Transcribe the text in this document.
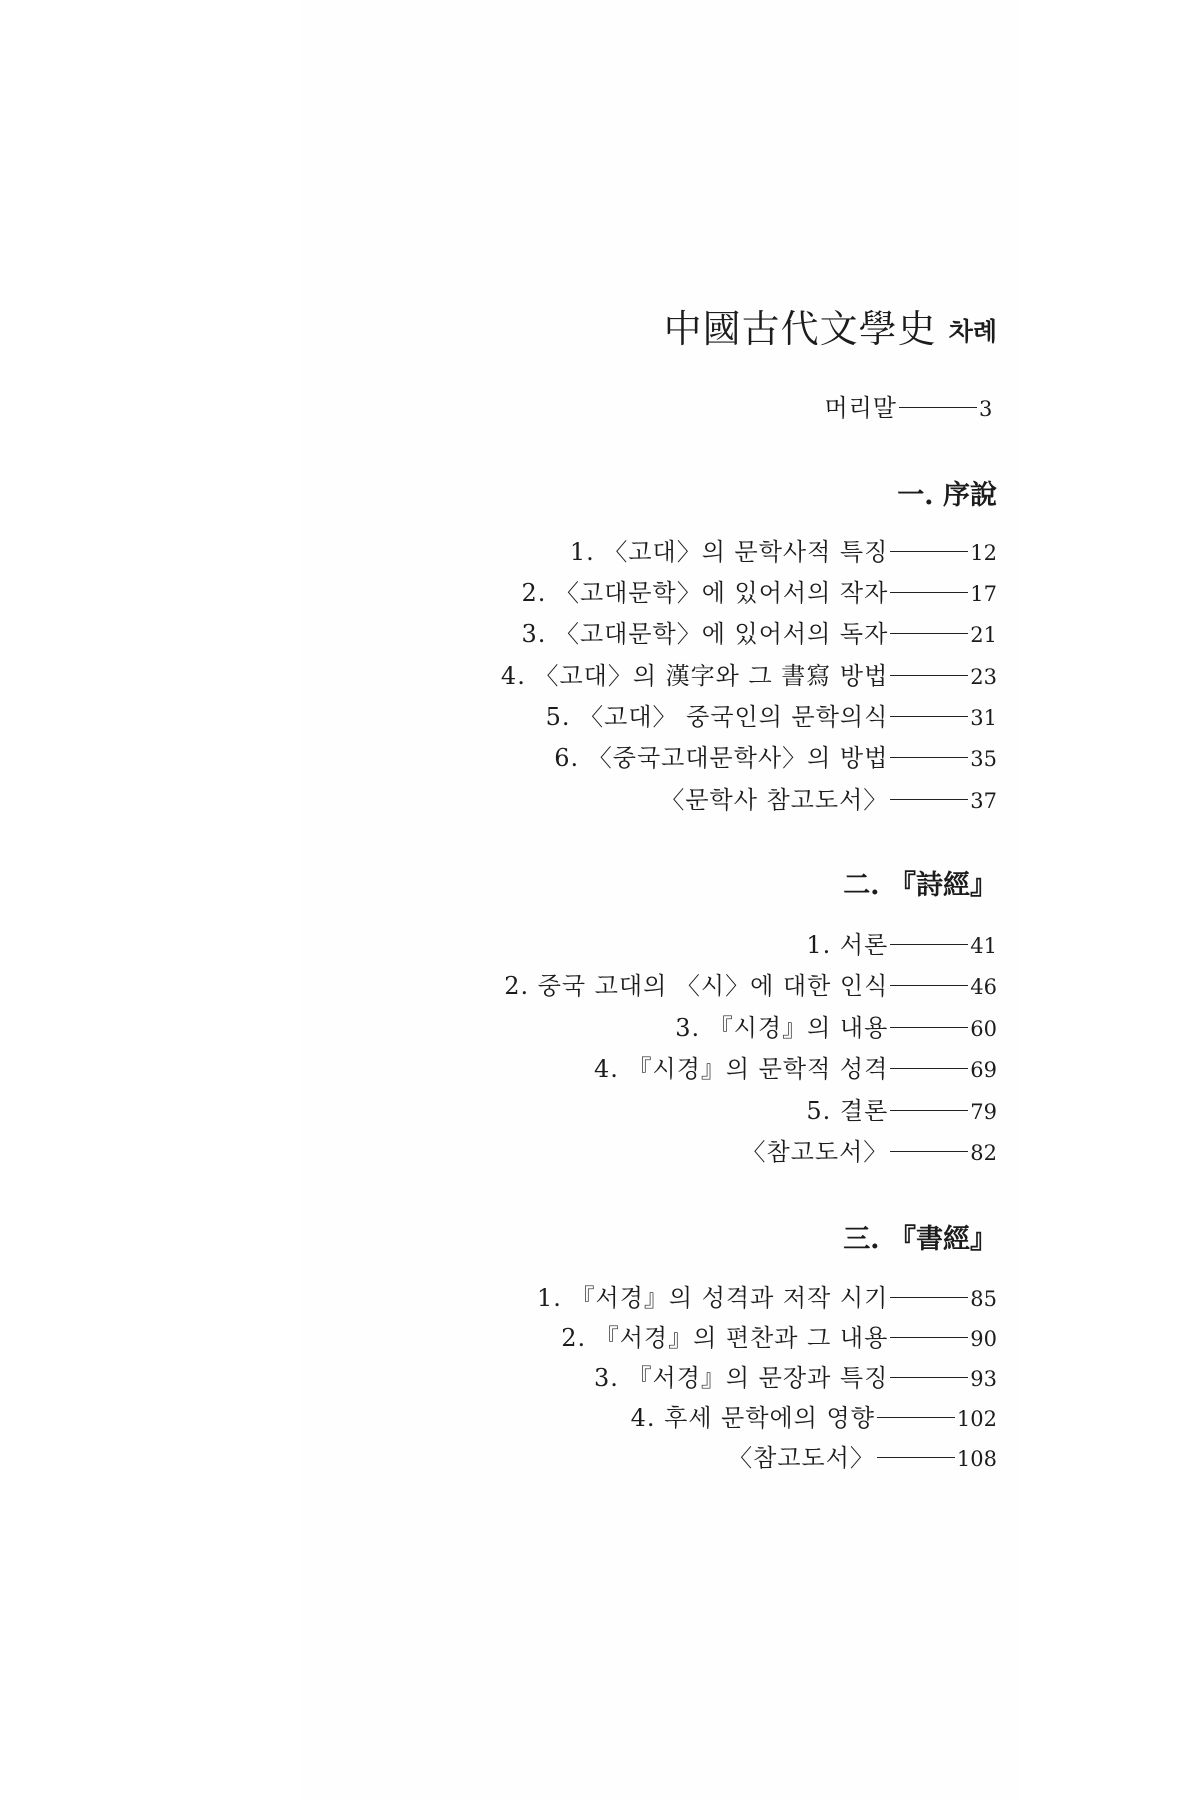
中國古代文學史 차례
머리말	3
一. 序說
1. 〈고대〉의 문학사적 특징	12
2. 〈고대문학〉에 있어서의 작자	17
3. 〈고대문학〉에 있어서의 독자	21
4. 〈고대〉의 漢字와 그 書寫 방법	23
5. 〈고대〉 중국인의 문학의식	31
6. 〈중국고대문학사〉의 방법	35
〈문학사 참고도서〉	37
二. 『詩經』
1. 서론	41
2. 중국 고대의 〈시〉에 대한 인식	46
3. 『시경』의 내용	60
4. 『시경』의 문학적 성격	69
5. 결론	79
〈참고도서〉	82
三. 『書經』
1. 『서경』의 성격과 저작 시기	85
2. 『서경』의 편찬과 그 내용	90
3. 『서경』의 문장과 특징	93
4. 후세 문학에의 영향	102
〈참고도서〉	108
